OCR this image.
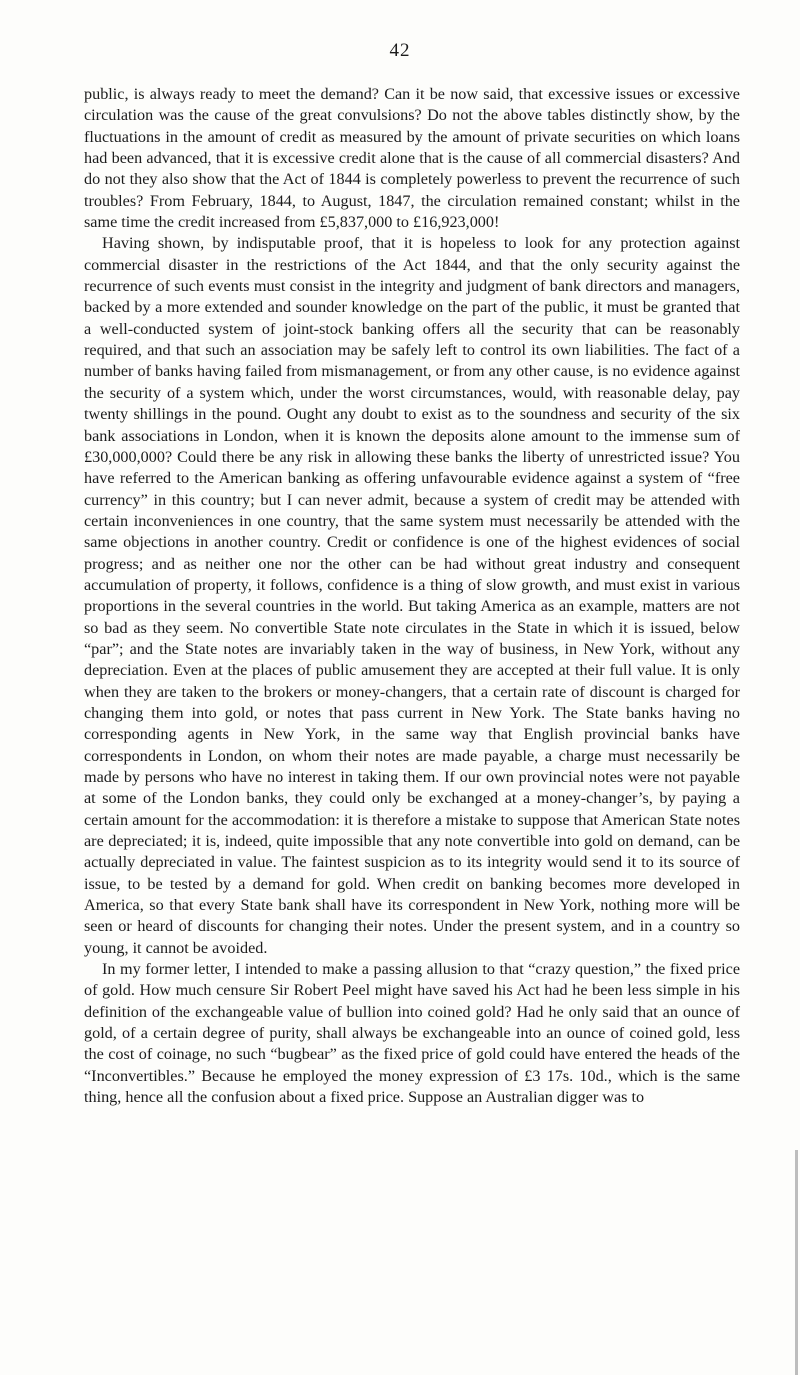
42

public, is always ready to meet the demand? Can it be now said, that excessive issues or excessive circulation was the cause of the great convulsions? Do not the above tables distinctly show, by the fluctuations in the amount of credit as measured by the amount of private securities on which loans had been advanced, that it is excessive credit alone that is the cause of all commercial disasters? And do not they also show that the Act of 1844 is completely powerless to prevent the recurrence of such troubles? From February, 1844, to August, 1847, the circulation remained constant; whilst in the same time the credit increased from £5,837,000 to £16,923,000!

Having shown, by indisputable proof, that it is hopeless to look for any protection against commercial disaster in the restrictions of the Act 1844, and that the only security against the recurrence of such events must consist in the integrity and judgment of bank directors and managers, backed by a more extended and sounder knowledge on the part of the public, it must be granted that a well-conducted system of joint-stock banking offers all the security that can be reasonably required, and that such an association may be safely left to control its own liabilities. The fact of a number of banks having failed from mismanagement, or from any other cause, is no evidence against the security of a system which, under the worst circumstances, would, with reasonable delay, pay twenty shillings in the pound. Ought any doubt to exist as to the soundness and security of the six bank associations in London, when it is known the deposits alone amount to the immense sum of £30,000,000? Could there be any risk in allowing these banks the liberty of unrestricted issue? You have referred to the American banking as offering unfavourable evidence against a system of “free currency” in this country; but I can never admit, because a system of credit may be attended with certain inconveniences in one country, that the same system must necessarily be attended with the same objections in another country. Credit or confidence is one of the highest evidences of social progress; and as neither one nor the other can be had without great industry and consequent accumulation of property, it follows, confidence is a thing of slow growth, and must exist in various proportions in the several countries in the world. But taking America as an example, matters are not so bad as they seem. No convertible State note circulates in the State in which it is issued, below “par”; and the State notes are invariably taken in the way of business, in New York, without any depreciation. Even at the places of public amusement they are accepted at their full value. It is only when they are taken to the brokers or money-changers, that a certain rate of discount is charged for changing them into gold, or notes that pass current in New York. The State banks having no corresponding agents in New York, in the same way that English provincial banks have correspondents in London, on whom their notes are made payable, a charge must necessarily be made by persons who have no interest in taking them. If our own provincial notes were not payable at some of the London banks, they could only be exchanged at a money-changer’s, by paying a certain amount for the accommodation: it is therefore a mistake to suppose that American State notes are depreciated; it is, indeed, quite impossible that any note convertible into gold on demand, can be actually depreciated in value. The faintest suspicion as to its integrity would send it to its source of issue, to be tested by a demand for gold. When credit on banking becomes more developed in America, so that every State bank shall have its correspondent in New York, nothing more will be seen or heard of discounts for changing their notes. Under the present system, and in a country so young, it cannot be avoided.

In my former letter, I intended to make a passing allusion to that “crazy question,” the fixed price of gold. How much censure Sir Robert Peel might have saved his Act had he been less simple in his definition of the exchangeable value of bullion into coined gold? Had he only said that an ounce of gold, of a certain degree of purity, shall always be exchangeable into an ounce of coined gold, less the cost of coinage, no such “bugbear” as the fixed price of gold could have entered the heads of the “Inconvertibles.” Because he employed the money expression of £3 17s. 10d., which is the same thing, hence all the confusion about a fixed price. Suppose an Australian digger was to
